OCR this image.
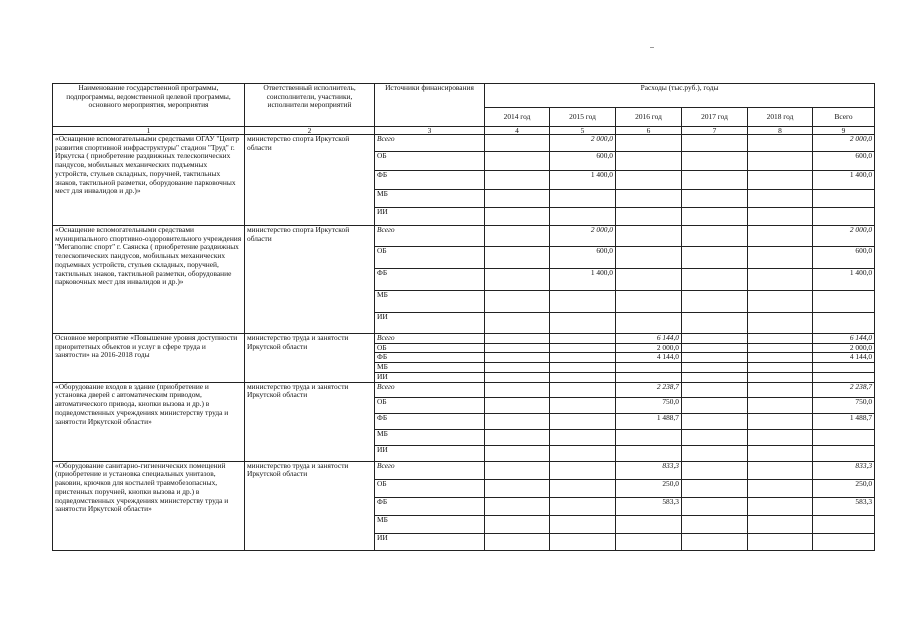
Наименование государственной программы, подпрограммы, ведомственной целевой программы, основного мероприятия, мероприятия	Ответственный исполнитель, соисполнители, участники, исполнители мероприятий	Источники финансирования	Расходы (тыс.руб.), годы					
			2014 год	2015 год	2016 год	2017 год	2018 год	Всего
1	2	3	4	5	6	7	8	9
«Оснащение вспомогательными средствами ОГАУ "Центр развития спортивной инфраструктуры" стадион "Труд" г. Иркутска ( приобретение раздвижных телескопических пандусов, мобильных механических подъемных устройств, стульев складных, поручней, тактильных знаков, тактильной разметки, оборудование парковочных мест для инвалидов и др.)»	министерство спорта Иркутской области	Всего		2 000,0				2 000,0
		ОБ		600,0				600,0
		ФБ		1 400,0				1 400,0
		МБ						
		ИИ						
«Оснащение вспомогательными средствами муниципального спортивно-оздоровительного учреждения "Мегаполис спорт" г. Саянска ( приобретение раздвижных телескопических пандусов, мобильных механических подъемных устройств, стульев складных, поручней, тактильных знаков, тактильной разметки, оборудование парковочных мест для инвалидов и др.)»	министерство спорта Иркутской области	Всего		2 000,0				2 000,0
		ОБ		600,0				600,0
		ФБ		1 400,0				1 400,0
		МБ						
		ИИ						
Основное мероприятие «Повышение уровня доступности приоритетных объектов и услуг в сфере труда и занятости» на 2016-2018 годы	министерство труда и занятости Иркутской области	Всего			6 144,0			6 144,0
		ОБ			2 000,0			2 000,0
		ФБ			4 144,0			4 144,0
		МБ						
		ИИ						
«Оборудование входов в здание (приобретение и установка дверей с автоматическим приводом, автоматического привода, кнопки вызова и др.) в подведомственных учреждениях министерству труда и занятости Иркутской области»	министерство труда и занятости Иркутской области	Всего			2 238,7			2 238,7
		ОБ			750,0			750,0
		ФБ			1 488,7			1 488,7
		МБ						
		ИИ						
«Оборудование санитарно-гигиенических помещений (приобретение и установка специальных унитазов, раковин, крючков для костылей травмобезопасных, пристенных поручней, кнопки вызова и др.) в подведомственных учреждениях министерству труда и занятости Иркутской области»	министерство труда и занятости Иркутской области	Всего			833,3			833,3
		ОБ			250,0			250,0
		ФБ			583,3			583,3
		МБ						
		ИИ						
